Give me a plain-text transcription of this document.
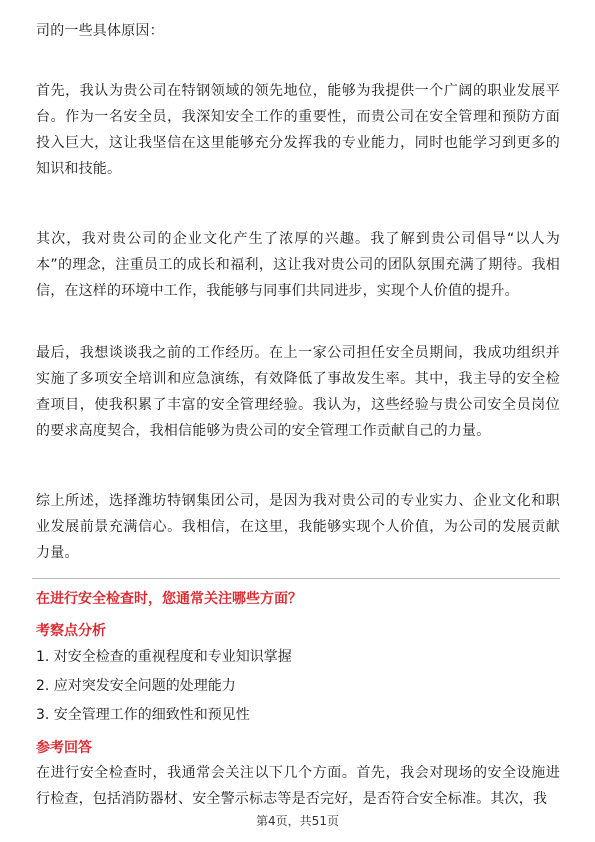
司的一些具体原因：

首先，我认为贵公司在特钢领域的领先地位，能够为我提供一个广阔的职业发展平台。作为一名安全员，我深知安全工作的重要性，而贵公司在安全管理和预防方面投入巨大，这让我坚信在这里能够充分发挥我的专业能力，同时也能学习到更多的知识和技能。

其次，我对贵公司的企业文化产生了浓厚的兴趣。我了解到贵公司倡导“以人为本”的理念，注重员工的成长和福利，这让我对贵公司的团队氛围充满了期待。我相信，在这样的环境中工作，我能够与同事们共同进步，实现个人价值的提升。

最后，我想谈谈我之前的工作经历。在上一家公司担任安全员期间，我成功组织并实施了多项安全培训和应急演练，有效降低了事故发生率。其中，我主导的安全检查项目，使我积累了丰富的安全管理经验。我认为，这些经验与贵公司安全员岗位的要求高度契合，我相信能够为贵公司的安全管理工作贡献自己的力量。

综上所述，选择潍坊特钢集团公司，是因为我对贵公司的专业实力、企业文化和职业发展前景充满信心。我相信，在这里，我能够实现个人价值，为公司的发展贡献力量。

在进行安全检查时，您通常关注哪些方面？
考察点分析
1. 对安全检查的重视程度和专业知识掌握
2. 应对突发安全问题的处理能力
3. 安全管理工作的细致性和预见性
参考回答

在进行安全检查时，我通常会关注以下几个方面。首先，我会对现场的安全设施进行检查，包括消防器材、安全警示标志等是否完好，是否符合安全标准。其次，我

第4页，共51页
